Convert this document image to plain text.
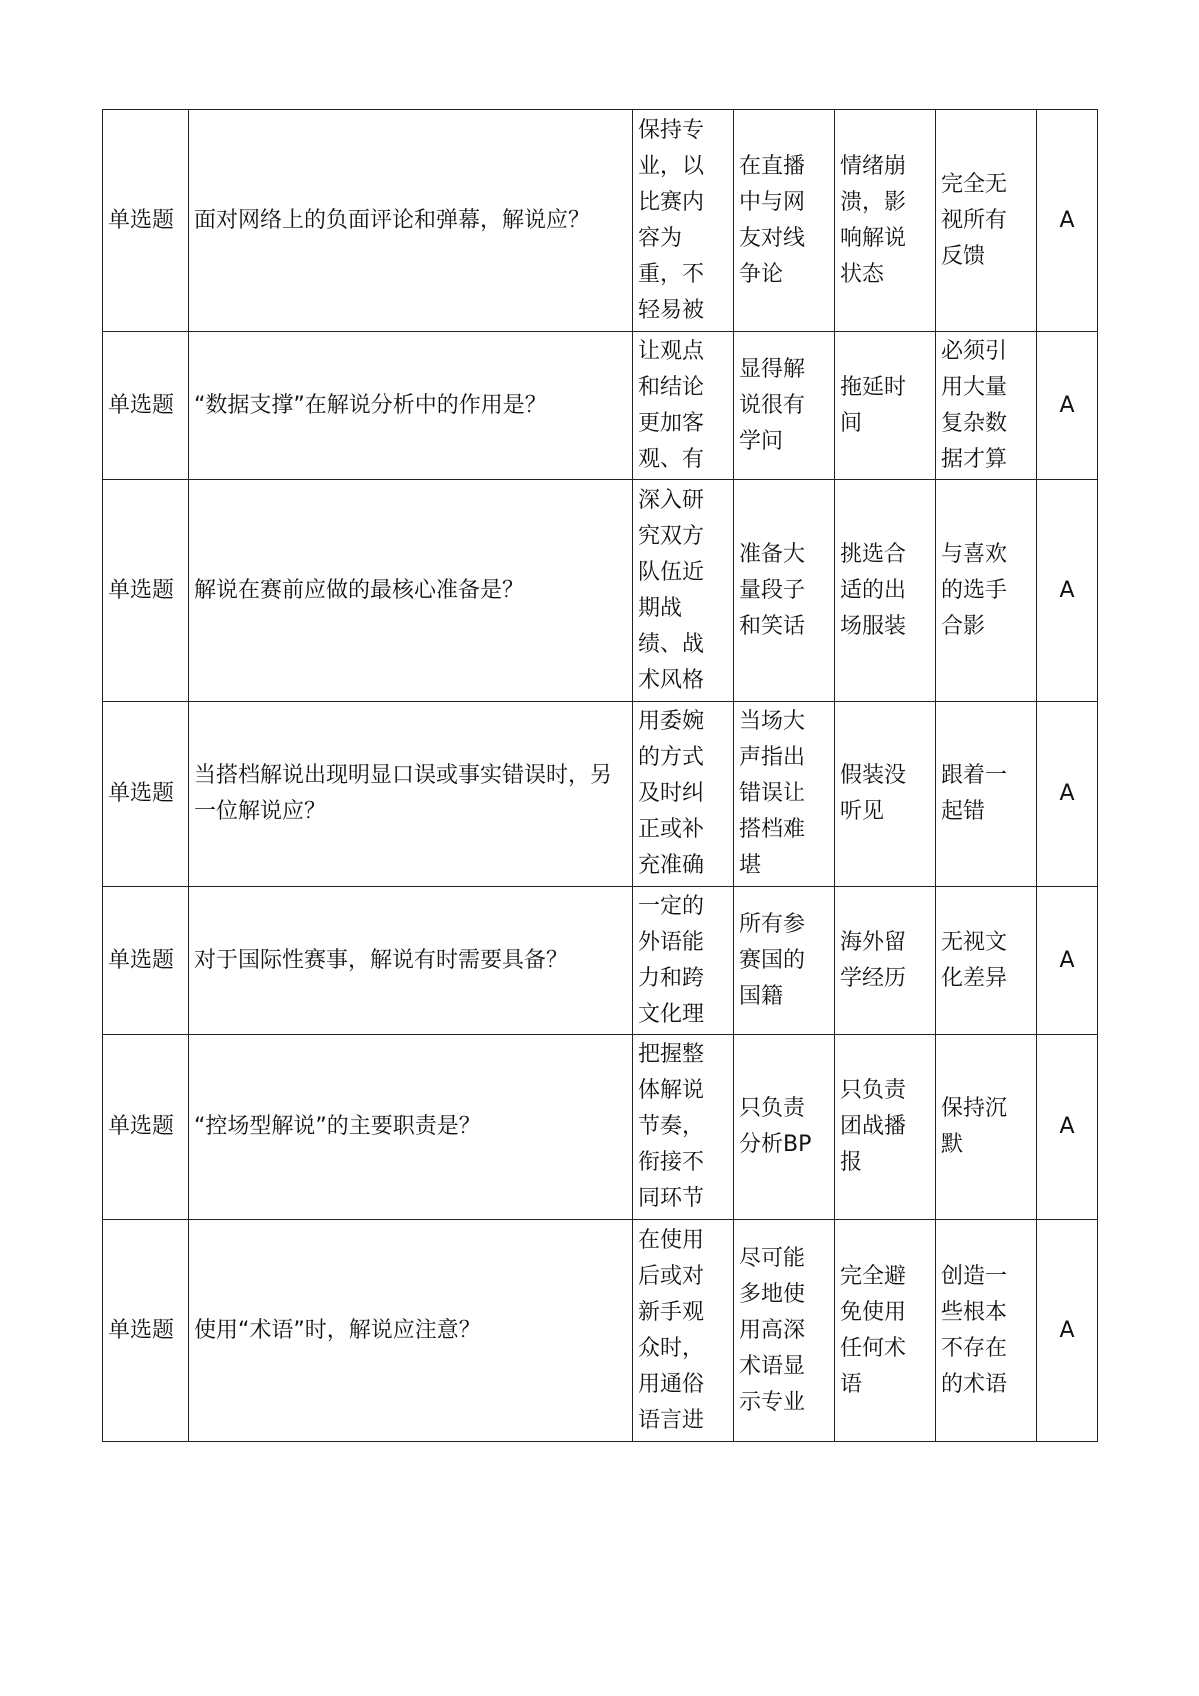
单选题	面对网络上的负面评论和弹幕，解说应？	保持专业，以比赛内容为重，不轻易被	在直播中与网友对线争论	情绪崩溃，影响解说状态	完全无视所有反馈	A
单选题	“数据支撑”在解说分析中的作用是？	让观点和结论更加客观、有	显得解说很有学问	拖延时间	必须引用大量复杂数据才算	A
单选题	解说在赛前应做的最核心准备是？	深入研究双方队伍近期战绩、战术风格	准备大量段子和笑话	挑选合适的出场服装	与喜欢的选手合影	A
单选题	当搭档解说出现明显口误或事实错误时，另一位解说应？	用委婉的方式及时纠正或补充准确	当场大声指出错误让搭档难堪	假装没听见	跟着一起错	A
单选题	对于国际性赛事，解说有时需要具备？	一定的外语能力和跨文化理	所有参赛国的国籍	海外留学经历	无视文化差异	A
单选题	“控场型解说”的主要职责是？	把握整体解说节奏，衔接不同环节	只负责分析BP	只负责团战播报	保持沉默	A
单选题	使用“术语”时，解说应注意？	在使用后或对新手观众时，用通俗语言进	尽可能多地使用高深术语显示专业	完全避免使用任何术语	创造一些根本不存在的术语	A
